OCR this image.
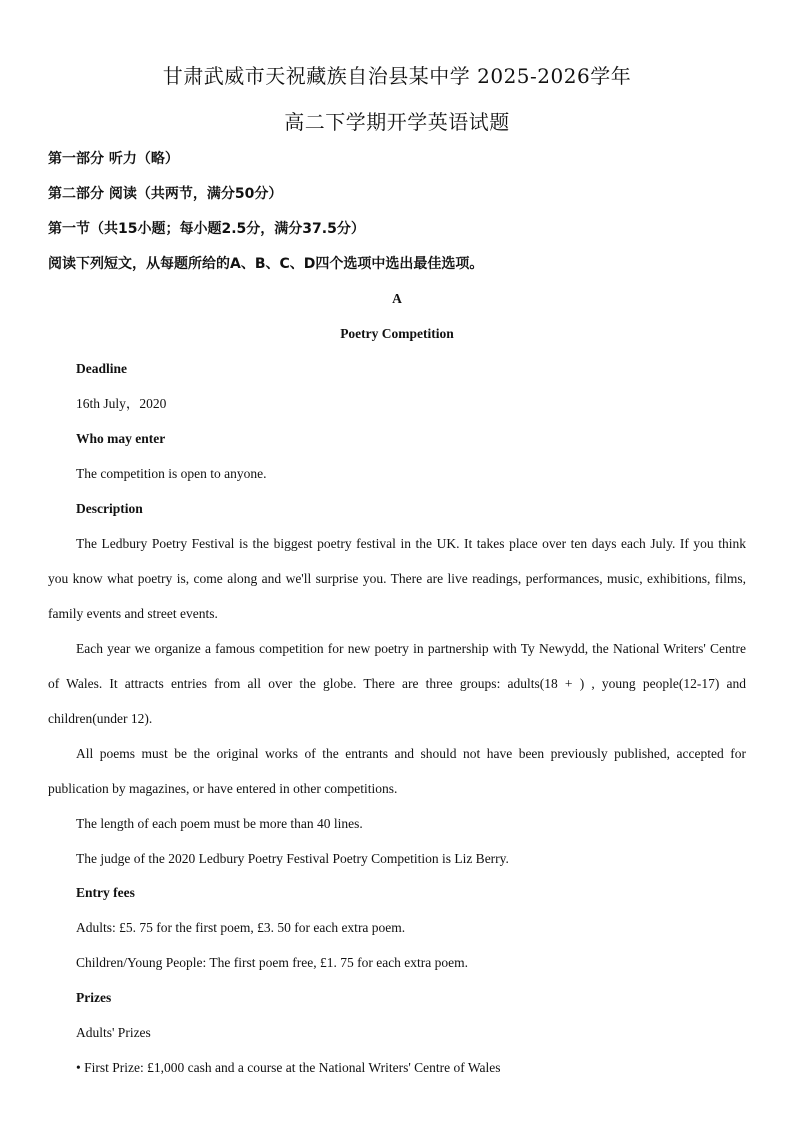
甘肃武威市天祝藏族自治县某中学 2025-2026学年
高二下学期开学英语试题
第一部分 听力（略）
第二部分 阅读（共两节，满分50分）
第一节（共15小题；每小题2.5分，满分37.5分）
阅读下列短文，从每题所给的A、B、C、D四个选项中选出最佳选项。
A
Poetry Competition
Deadline
16th July，2020
Who may enter
The competition is open to anyone.
Description
The Ledbury Poetry Festival is the biggest poetry festival in the UK. It takes place over ten days each July. If you think
you know what poetry is, come along and we'll surprise you. There are live readings, performances, music, exhibitions, films,
family events and street events.
Each year we organize a famous competition for new poetry in partnership with Ty Newydd, the National Writers' Centre
of Wales. It attracts entries from all over the globe. There are three groups: adults(18 + ) , young people(12-17) and
children(under 12).
All poems must be the original works of the entrants and should not have been previously published, accepted for
publication by magazines, or have entered in other competitions.
The length of each poem must be more than 40 lines.
The judge of the 2020 Ledbury Poetry Festival Poetry Competition is Liz Berry.
Entry fees
Adults: £5. 75 for the first poem, £3. 50 for each extra poem.
Children/Young People: The first poem free, £1. 75 for each extra poem.
Prizes
Adults' Prizes
• First Prize: £1,000 cash and a course at the National Writers' Centre of Wales
